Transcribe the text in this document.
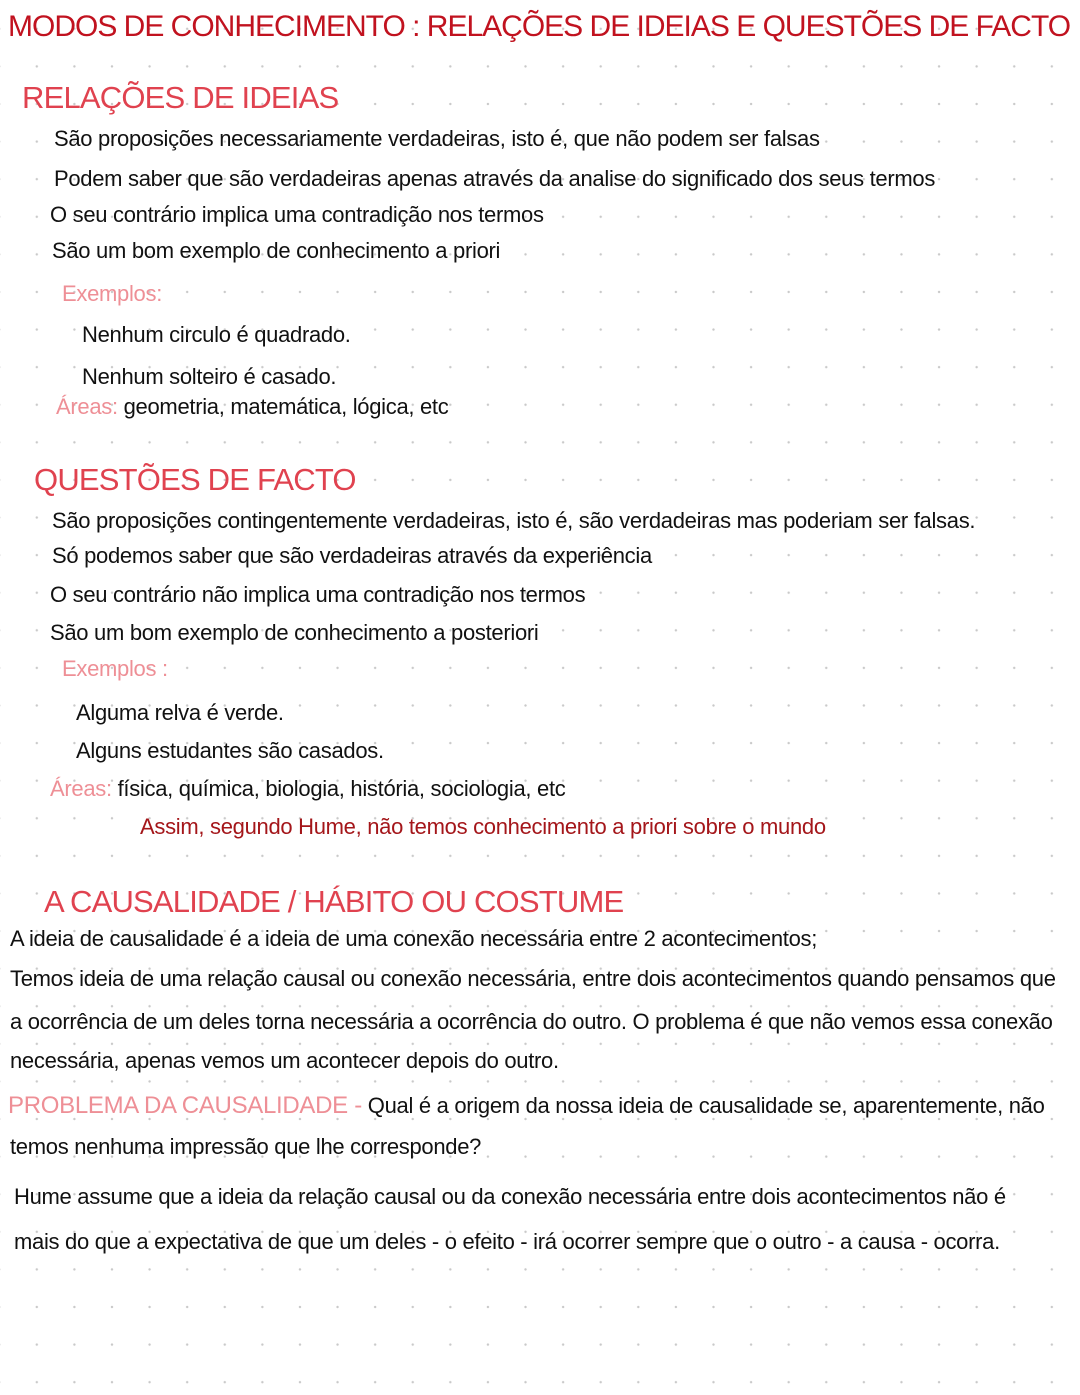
MODOS DE CONHECIMENTO : RELAÇÕES DE IDEIAS E QUESTÕES DE FACTO
RELAÇÕES DE IDEIAS
São proposições necessariamente verdadeiras, isto é, que não podem ser falsas
Podem saber que são verdadeiras apenas através da analise do significado dos seus termos
O seu contrário implica uma contradição nos termos
São um bom exemplo de conhecimento a priori
Exemplos:
Nenhum circulo é quadrado.
Nenhum solteiro é casado.
Áreas: geometria, matemática, lógica, etc
QUESTÕES DE FACTO
São proposições contingentemente verdadeiras, isto é, são verdadeiras mas poderiam ser falsas.
Só podemos saber que são verdadeiras através da experiência
O seu contrário não implica uma contradição nos termos
São um bom exemplo de conhecimento a posteriori
Exemplos :
Alguma relva é verde.
Alguns estudantes são casados.
Áreas: física, química, biologia, história, sociologia, etc
Assim, segundo Hume, não temos conhecimento a priori sobre o mundo
A CAUSALIDADE / HÁBITO OU COSTUME
A ideia de causalidade é a ideia de uma conexão necessária entre 2 acontecimentos;
Temos ideia de uma relação causal ou conexão necessária, entre dois acontecimentos quando pensamos que
a ocorrência de um deles torna necessária a ocorrência do outro. O problema é que não vemos essa conexão
necessária, apenas vemos um acontecer depois do outro.
PROBLEMA DA CAUSALIDADE - Qual é a origem da nossa ideia de causalidade se, aparentemente, não
temos nenhuma impressão que lhe corresponde?
Hume assume que a ideia da relação causal ou da conexão necessária entre dois acontecimentos não é
mais do que a expectativa de que um deles - o efeito - irá ocorrer sempre que o outro - a causa - ocorra.
